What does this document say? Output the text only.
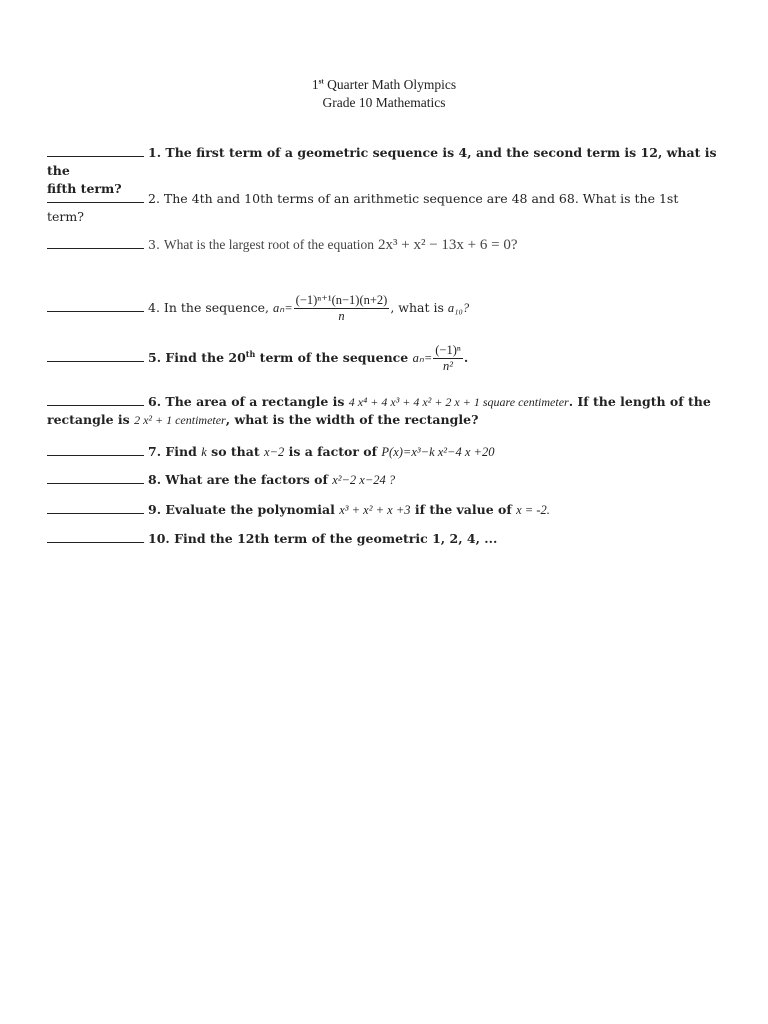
1st Quarter Math Olympics
Grade 10 Mathematics
1. The first term of a geometric sequence is 4, and the second term is 12, what is the
fifth term?
2. The 4th and 10th terms of an arithmetic sequence are 48 and 68. What is the 1st
term?
3. What is the largest root of the equation 2x³ + x² − 13x + 6 = 0?
4. In the sequence, $a_n= \frac{\text{(−1)ⁿ⁺¹(n−1)(n+2)}}{n}$ , what is a₁₀?
5. Find the 20th term of the sequence $a_n= \frac{\text{(−1)ⁿ}}{\text{n²}}$ .
6. The area of a rectangle is 4 x⁴ + 4 x³ + 4 x² + 2 x + 1 square centimeter. If the length of the
rectangle is 2 x² + 1 centimeter, what is the width of the rectangle?
7. Find k so that x−2 is a factor of P(x)=x³−k x²−4 x +20
8. What are the factors of x²−2 x−24 ?
9. Evaluate the polynomial x³ + x² + x +3 if the value of x = -2.
10. Find the 12th term of the geometric 1, 2, 4, ...
